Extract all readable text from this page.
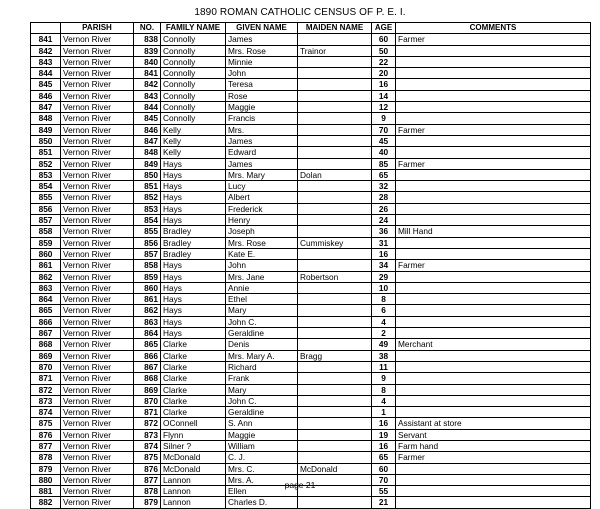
1890 ROMAN CATHOLIC CENSUS OF P. E. I.
	PARISH	NO.	FAMILY NAME	GIVEN NAME	MAIDEN NAME	AGE	COMMENTS
841	Vernon River	838	Connolly	James		60	Farmer
842	Vernon River	839	Connolly	Mrs. Rose	Trainor	50	
843	Vernon River	840	Connolly	Minnie		22	
844	Vernon River	841	Connolly	John		20	
845	Vernon River	842	Connolly	Teresa		16	
846	Vernon River	843	Connolly	Rose		14	
847	Vernon River	844	Connolly	Maggie		12	
848	Vernon River	845	Connolly	Francis		9	
849	Vernon River	846	Kelly	Mrs.		70	Farmer
850	Vernon River	847	Kelly	James		45	
851	Vernon River	848	Kelly	Edward		40	
852	Vernon River	849	Hays	James		85	Farmer
853	Vernon River	850	Hays	Mrs. Mary	Dolan	65	
854	Vernon River	851	Hays	Lucy		32	
855	Vernon River	852	Hays	Albert		28	
856	Vernon River	853	Hays	Frederick		26	
857	Vernon River	854	Hays	Henry		24	
858	Vernon River	855	Bradley	Joseph		36	Mill Hand
859	Vernon River	856	Bradley	Mrs. Rose	Cummiskey	31	
860	Vernon River	857	Bradley	Kate E.		16	
861	Vernon River	858	Hays	John		34	Farmer
862	Vernon River	859	Hays	Mrs. Jane	Robertson	29	
863	Vernon River	860	Hays	Annie		10	
864	Vernon River	861	Hays	Ethel		8	
865	Vernon River	862	Hays	Mary		6	
866	Vernon River	863	Hays	John C.		4	
867	Vernon River	864	Hays	Geraldine		2	
868	Vernon River	865	Clarke	Denis		49	Merchant
869	Vernon River	866	Clarke	Mrs. Mary A.	Bragg	38	
870	Vernon River	867	Clarke	Richard		11	
871	Vernon River	868	Clarke	Frank		9	
872	Vernon River	869	Clarke	Mary		8	
873	Vernon River	870	Clarke	John C.		4	
874	Vernon River	871	Clarke	Geraldine		1	
875	Vernon River	872	OConnell	S. Ann		16	Assistant at store
876	Vernon River	873	Flynn	Maggie		19	Servant
877	Vernon River	874	Silner ?	William		16	Farm hand
878	Vernon River	875	McDonald	C. J.		65	Farmer
879	Vernon River	876	McDonald	Mrs. C.	McDonald	60	
880	Vernon River	877	Lannon	Mrs. A.		70	
881	Vernon River	878	Lannon	Ellen		55	
882	Vernon River	879	Lannon	Charles D.		21	
page 21
